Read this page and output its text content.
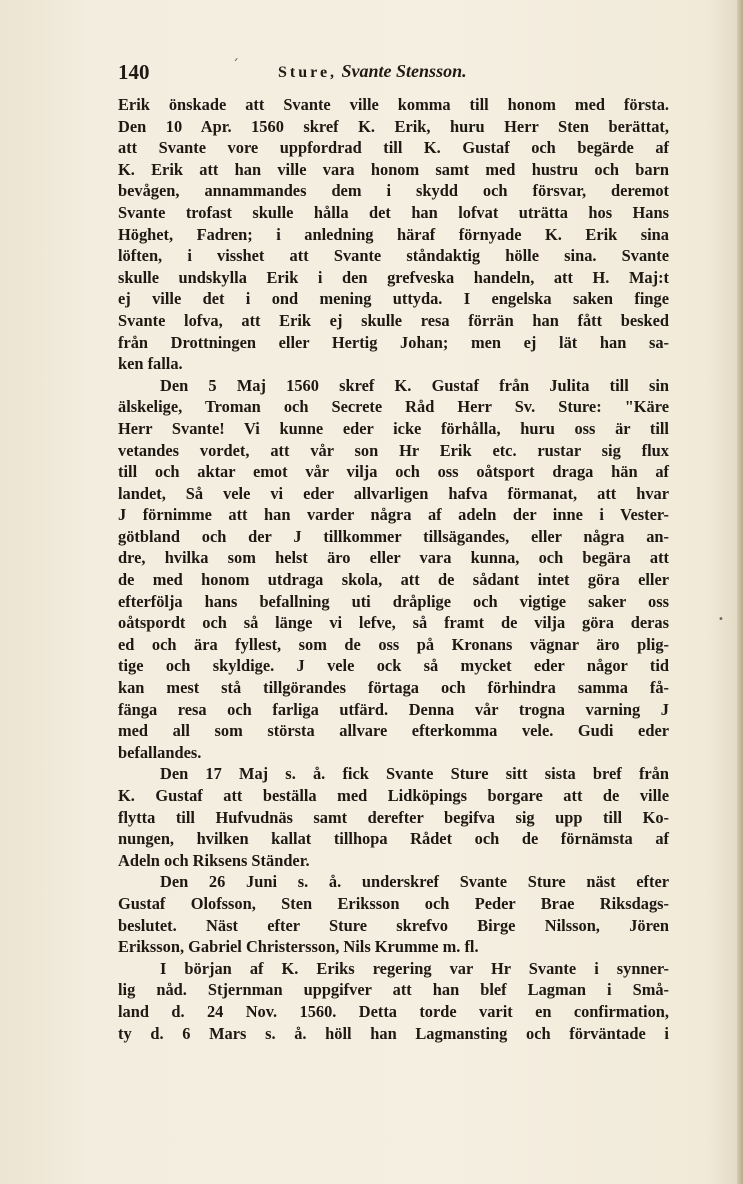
140	Sture, Svante Stensson.
Erik önskade att Svante ville komma till honom med första.
Den 10 Apr. 1560 skref K. Erik, huru Herr Sten berättat,
att Svante vore uppfordrad till K. Gustaf och begärde af
K. Erik att han ville vara honom samt med hustru och barn
bevågen, annammandes dem i skydd och försvar, deremot
Svante trofast skulle hålla det han lofvat uträtta hos Hans
Höghet, Fadren; i anledning häraf förnyade K. Erik sina
löften, i visshet att Svante ståndaktig hölle sina. Svante
skulle undskylla Erik i den grefveska handeln, att H. Maj:t
ej ville det i ond mening uttyda. I engelska saken finge
Svante lofva, att Erik ej skulle resa förrän han fått besked
från Drottningen eller Hertig Johan; men ej lät han sa-
ken falla.
Den 5 Maj 1560 skref K. Gustaf från Julita till sin
älskelige, Troman och Secrete Råd Herr Sv. Sture: "Käre
Herr Svante! Vi kunne eder icke förhålla, huru oss är till
vetandes vordet, att vår son Hr Erik etc. rustar sig flux
till och aktar emot vår vilja och oss oåtsport draga hän af
landet, Så vele vi eder allvarligen hafva förmanat, att hvar
J förnimme att han varder några af adeln der inne i Vester-
götbland och der J tillkommer tillsägandes, eller några an-
dre, hvilka som helst äro eller vara kunna, och begära att
de med honom utdraga skola, att de sådant intet göra eller
efterfölja hans befallning uti dråplige och vigtige saker oss
oåtspordt och så länge vi lefve, så framt de vilja göra deras
ed och ära fyllest, som de oss på Kronans vägnar äro plig-
tige och skyldige. J vele ock så mycket eder någor tid
kan mest stå tillgörandes förtaga och förhindra samma få-
fänga resa och farliga utfärd. Denna vår trogna varning J
med all som största allvare efterkomma vele. Gudi eder
befallandes.
Den 17 Maj s. å. fick Svante Sture sitt sista bref från
K. Gustaf att beställa med Lidköpings borgare att de ville
flytta till Hufvudnäs samt derefter begifva sig upp till Ko-
nungen, hvilken kallat tillhopa Rådet och de förnämsta af
Adeln och Riksens Ständer.
Den 26 Juni s. å. underskref Svante Sture näst efter
Gustaf Olofsson, Sten Eriksson och Peder Brae Riksdags-
beslutet. Näst efter Sture skrefvo Birge Nilsson, Jören
Eriksson, Gabriel Christersson, Nils Krumme m. fl.
I början af K. Eriks regering var Hr Svante i synner-
lig nåd. Stjernman uppgifver att han blef Lagman i Små-
land d. 24 Nov. 1560. Detta torde varit en confirmation,
ty d. 6 Mars s. å. höll han Lagmansting och förväntade i
´
•
